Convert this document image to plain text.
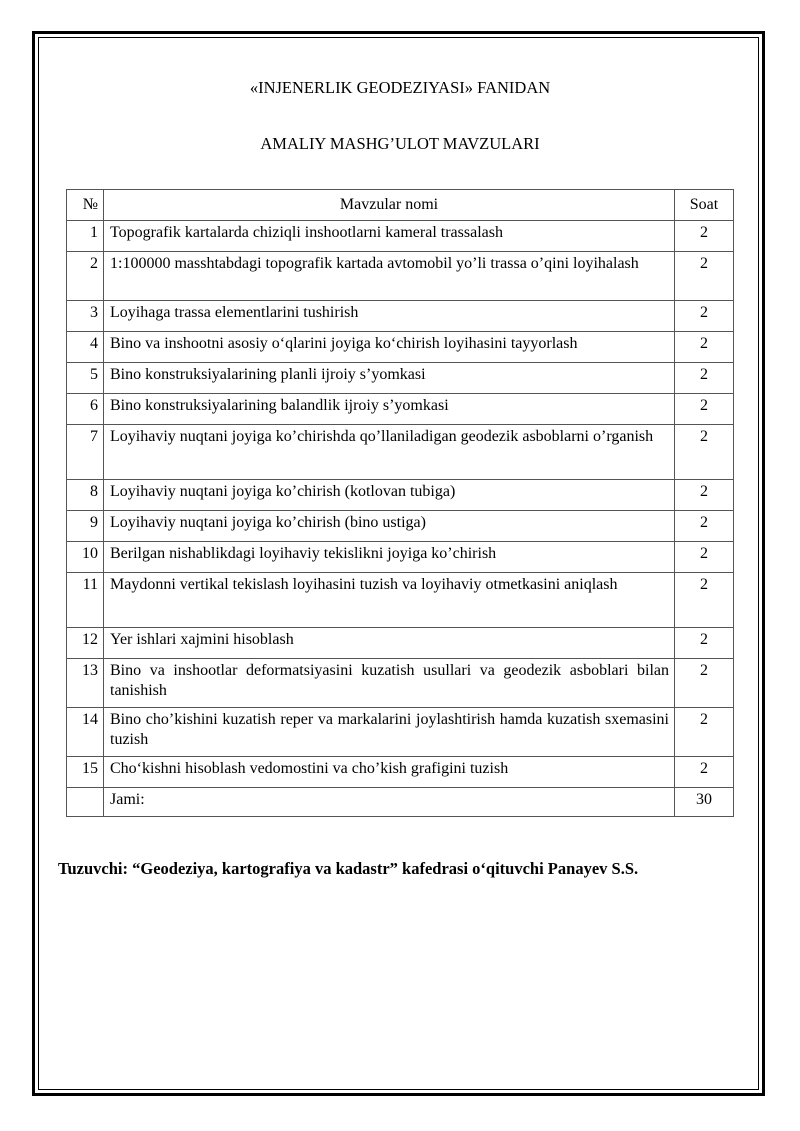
«INJENERLIK GEODEZIYASI» FANIDAN
AMALIY MASHG’ULOT MAVZULARI
№	Mavzular nomi	Soat
1	Topografik kartalarda chiziqli inshootlarni kameral trassalash	2
2	1:100000 masshtabdagi topografik kartada avtomobil yo’li trassa o’qini loyihalash	2
3	Loyihaga trassa elementlarini tushirish	2
4	Bino va inshootni asosiy o‘qlarini joyiga ko‘chirish loyihasini tayyorlash	2
5	Bino konstruksiyalarining planli ijroiy s’yomkasi	2
6	Bino konstruksiyalarining balandlik ijroiy s’yomkasi	2
7	Loyihaviy nuqtani joyiga ko’chirishda qo’llaniladigan geodezik asboblarni o’rganish	2
8	Loyihaviy nuqtani joyiga ko’chirish (kotlovan tubiga)	2
9	Loyihaviy nuqtani joyiga ko’chirish (bino ustiga)	2
10	Berilgan nishablikdagi loyihaviy tekislikni joyiga ko’chirish	2
11	Maydonni vertikal tekislash loyihasini tuzish va loyihaviy otmetkasini aniqlash	2
12	Yer ishlari xajmini hisoblash	2
13	Bino va inshootlar deformatsiyasini kuzatish usullari va geodezik asboblari bilan tanishish	2
14	Bino cho’kishini kuzatish reper va markalarini joylashtirish hamda kuzatish sxemasini tuzish	2
15	Cho‘kishni hisoblash vedomostini va cho’kish grafigini tuzish	2
	Jami:	30
Tuzuvchi: “Geodeziya, kartografiya va kadastr” kafedrasi o‘qituvchi Panayev S.S.
